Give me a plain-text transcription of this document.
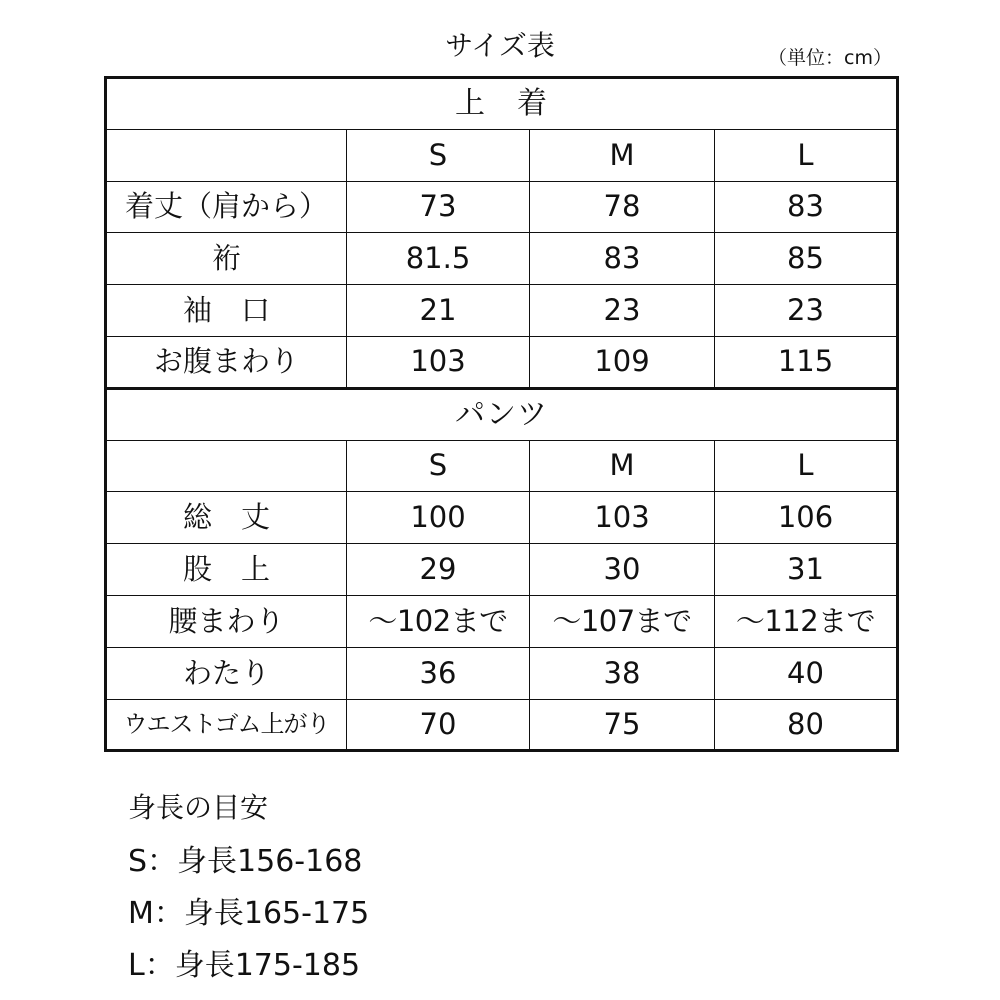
サイズ表	（単位：cm）
上　着			
	S	M	L
着丈（肩から）	73	78	83
裄	81.5	83	85
袖　口	21	23	23
お腹まわり	103	109	115
パンツ			
	S	M	L
総　丈	100	103	106
股　上	29	30	31
腰まわり	～102まで	～107まで	～112まで
わたり	36	38	40
ウエストゴム上がり	70	75	80
身長の目安
S：身長156-168
M：身長165-175
L：身長175-185
